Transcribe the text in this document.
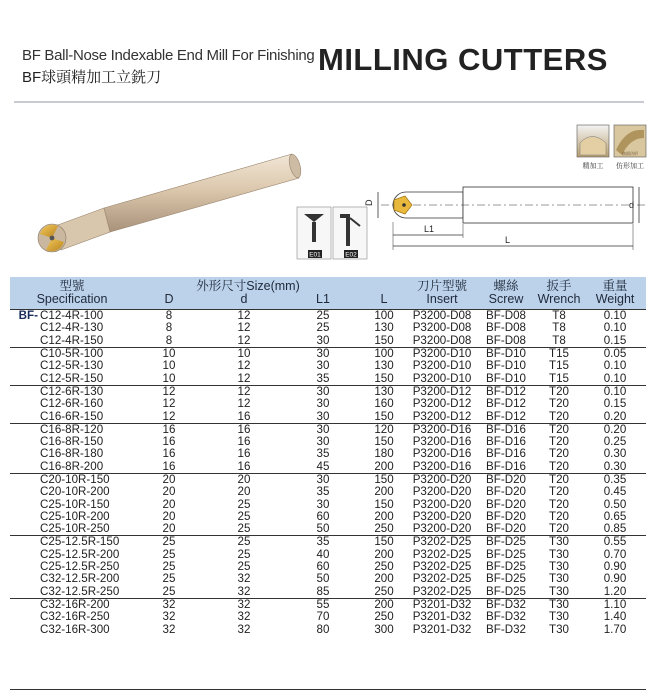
BF Ball-Nose Indexable End Mill For Finishing
BF球頭精加工立銑刀
MILLING CUTTERS
E01	E02
D	d
L1
L
曲面仿形
精加工 仿形加工
型號	外形尺寸Size(mm)				刀片型號	螺絲	扳手	重量
Specification	D	d	L1	L	Insert	Screw	Wrench	Weight
BF- C12-4R-100	8	12	25	100	P3200-D08	BF-D08	T8	0.10
C12-4R-130	8	12	25	130	P3200-D08	BF-D08	T8	0.10
C12-4R-150	8	12	30	150	P3200-D08	BF-D08	T8	0.15
C10-5R-100	10	10	30	100	P3200-D10	BF-D10	T15	0.05
C12-5R-130	10	12	30	130	P3200-D10	BF-D10	T15	0.10
C12-5R-150	10	12	35	150	P3200-D10	BF-D10	T15	0.10
C12-6R-130	12	12	30	130	P3200-D12	BF-D12	T20	0.10
C12-6R-160	12	12	30	160	P3200-D12	BF-D12	T20	0.15
C16-6R-150	12	16	30	150	P3200-D12	BF-D12	T20	0.20
C16-8R-120	16	16	30	120	P3200-D16	BF-D16	T20	0.20
C16-8R-150	16	16	30	150	P3200-D16	BF-D16	T20	0.25
C16-8R-180	16	16	35	180	P3200-D16	BF-D16	T20	0.30
C16-8R-200	16	16	45	200	P3200-D16	BF-D16	T20	0.30
C20-10R-150	20	20	30	150	P3200-D20	BF-D20	T20	0.35
C20-10R-200	20	20	35	200	P3200-D20	BF-D20	T20	0.45
C25-10R-150	20	25	30	150	P3200-D20	BF-D20	T20	0.50
C25-10R-200	20	25	60	200	P3200-D20	BF-D20	T20	0.65
C25-10R-250	20	25	50	250	P3200-D20	BF-D20	T20	0.85
C25-12.5R-150	25	25	35	150	P3202-D25	BF-D25	T30	0.55
C25-12.5R-200	25	25	40	200	P3202-D25	BF-D25	T30	0.70
C25-12.5R-250	25	25	60	250	P3202-D25	BF-D25	T30	0.90
C32-12.5R-200	25	32	50	200	P3202-D25	BF-D25	T30	0.90
C32-12.5R-250	25	32	85	250	P3202-D25	BF-D25	T30	1.20
C32-16R-200	32	32	55	200	P3201-D32	BF-D32	T30	1.10
C32-16R-250	32	32	70	250	P3201-D32	BF-D32	T30	1.40
C32-16R-300	32	32	80	300	P3201-D32	BF-D32	T30	1.70
